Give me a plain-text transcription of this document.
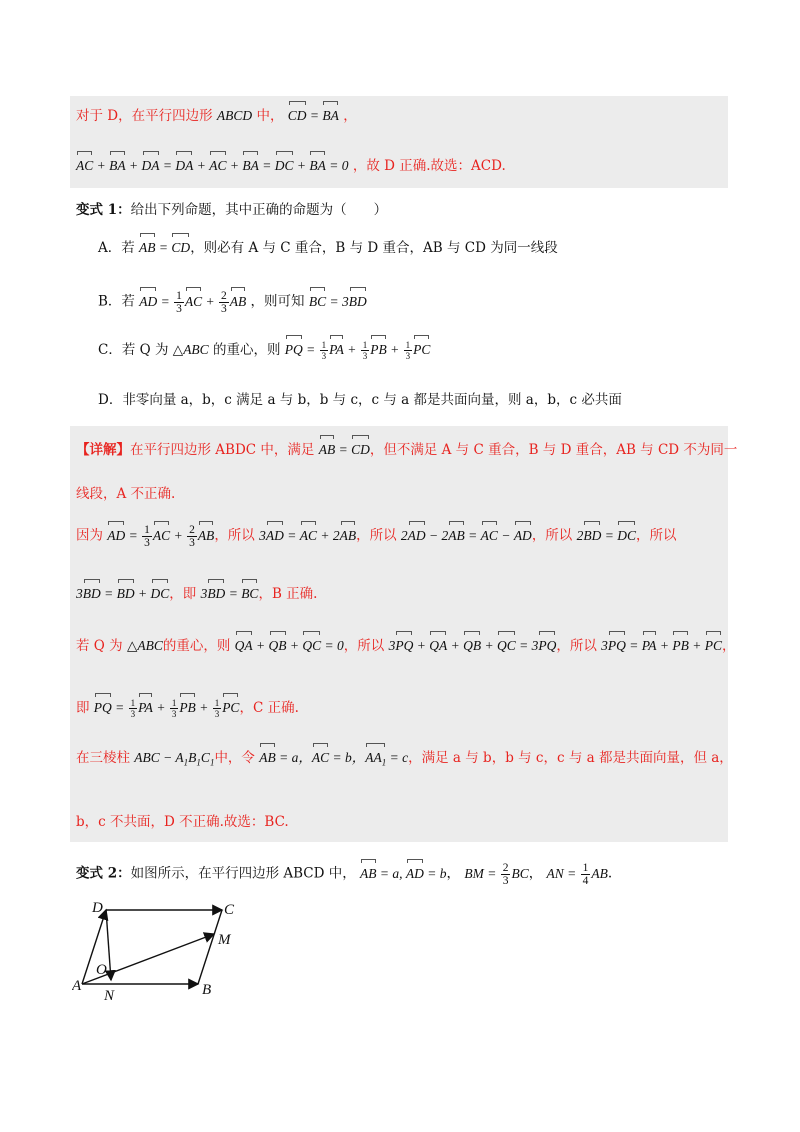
对于 D，在平行四边形 ABCD 中， CD = BA ，
AC + BA + DA = DA + AC + BA = DC + BA = 0 ，故 D 正确.故选：ACD.
变式 1：给出下列命题，其中正确的命题为（　　）
A．若 AB = CD，则必有 A 与 C 重合，B 与 D 重合，AB 与 CD 为同一线段
B．若 AD = $\frac{1}{3}$ AC + $\frac{2}{3}$ AB ，则可知 BC = 3BD
C．若 Q 为 △ABC 的重心，则 PQ = $\frac{1}{3}$ PA + $\frac{1}{3}$ PB + $\frac{1}{3}$ PC
D．非零向量 a，b，c 满足 a 与 b，b 与 c，c 与 a 都是共面向量，则 a，b，c 必共面
【详解】在平行四边形 ABDC 中，满足 AB = CD，但不满足 A 与 C 重合，B 与 D 重合，AB 与 CD 不为同一
线段，A 不正确.
因为 AD = $\frac{1}{3}$ AC + $\frac{2}{3}$ AB，所以 3AD = AC + 2AB，所以 2AD − 2AB = AC − AD，所以 2BD = DC，所以
3BD = BD + DC，即 3BD = BC，B 正确.
若 Q 为 △ABC的重心，则 QA + QB + QC = 0，所以 3PQ + QA + QB + QC = 3PQ，所以 3PQ = PA + PB + PC，
即 PQ = $\frac{1}{3}$ PA + $\frac{1}{3}$ PB + $\frac{1}{3}$ PC，C 正确.
在三棱柱 ABC − $A_1B_1C_1$中，令 AB = a，AC = b，$AA_1 = c$，满足 a 与 b，b 与 c，c 与 a 都是共面向量，但 a，
b，c 不共面，D 不正确.故选：BC.
变式 2：如图所示，在平行四边形 ABCD 中， AB = a, AD = b， BM = $\frac{2}{3}$ BC， AN = $\frac{1}{4}$ AB.
D	C
M
O
A
N	B
